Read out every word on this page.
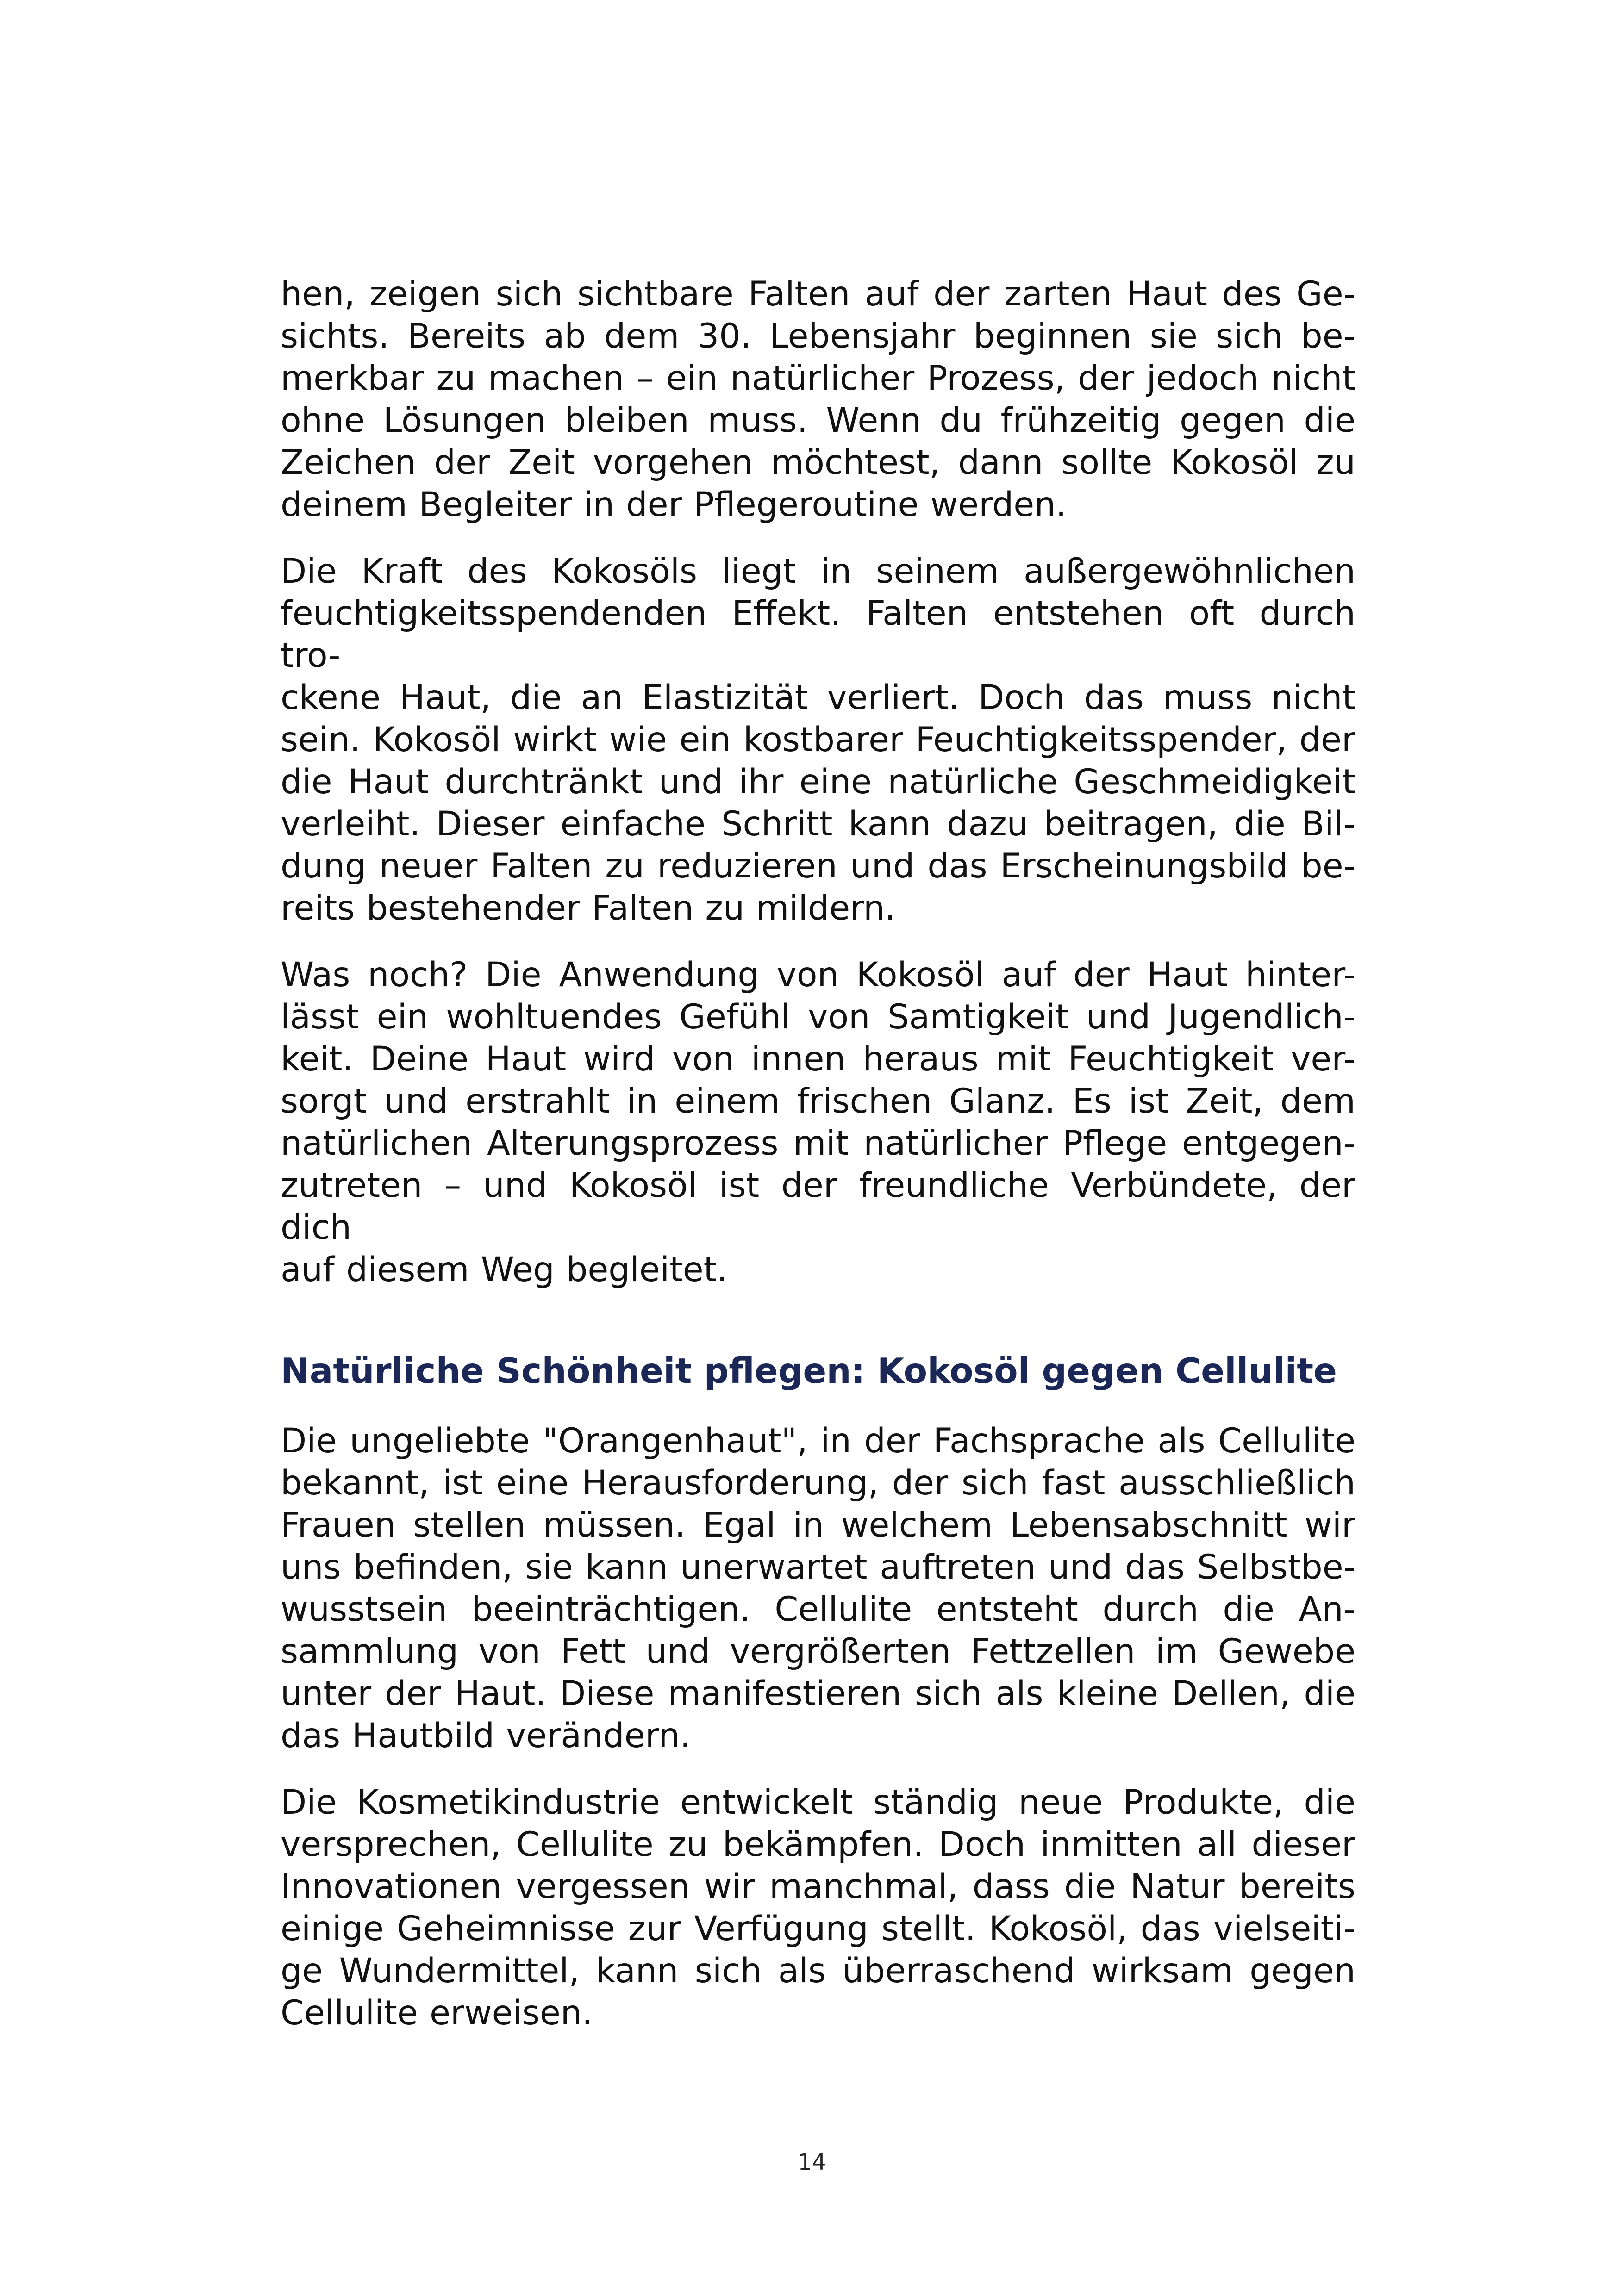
hen, zeigen sich sichtbare Falten auf der zarten Haut des Ge-
sichts. Bereits ab dem 30. Lebensjahr beginnen sie sich be-
merkbar zu machen – ein natürlicher Prozess, der jedoch nicht
ohne Lösungen bleiben muss. Wenn du frühzeitig gegen die
Zeichen der Zeit vorgehen möchtest, dann sollte Kokosöl zu
deinem Begleiter in der Pflegeroutine werden.

Die Kraft des Kokosöls liegt in seinem außergewöhnlichen
feuchtigkeitsspendenden Effekt. Falten entstehen oft durch tro-
ckene Haut, die an Elastizität verliert. Doch das muss nicht
sein. Kokosöl wirkt wie ein kostbarer Feuchtigkeitsspender, der
die Haut durchtränkt und ihr eine natürliche Geschmeidigkeit
verleiht. Dieser einfache Schritt kann dazu beitragen, die Bil-
dung neuer Falten zu reduzieren und das Erscheinungsbild be-
reits bestehender Falten zu mildern.

Was noch? Die Anwendung von Kokosöl auf der Haut hinter-
lässt ein wohltuendes Gefühl von Samtigkeit und Jugendlich-
keit. Deine Haut wird von innen heraus mit Feuchtigkeit ver-
sorgt und erstrahlt in einem frischen Glanz. Es ist Zeit, dem
natürlichen Alterungsprozess mit natürlicher Pflege entgegen-
zutreten – und Kokosöl ist der freundliche Verbündete, der dich
auf diesem Weg begleitet.

Natürliche Schönheit pflegen: Kokosöl gegen Cellulite

Die ungeliebte "Orangenhaut", in der Fachsprache als Cellulite
bekannt, ist eine Herausforderung, der sich fast ausschließlich
Frauen stellen müssen. Egal in welchem Lebensabschnitt wir
uns befinden, sie kann unerwartet auftreten und das Selbstbe-
wusstsein beeinträchtigen. Cellulite entsteht durch die An-
sammlung von Fett und vergrößerten Fettzellen im Gewebe
unter der Haut. Diese manifestieren sich als kleine Dellen, die
das Hautbild verändern.

Die Kosmetikindustrie entwickelt ständig neue Produkte, die
versprechen, Cellulite zu bekämpfen. Doch inmitten all dieser
Innovationen vergessen wir manchmal, dass die Natur bereits
einige Geheimnisse zur Verfügung stellt. Kokosöl, das vielseiti-
ge Wundermittel, kann sich als überraschend wirksam gegen
Cellulite erweisen.

14
